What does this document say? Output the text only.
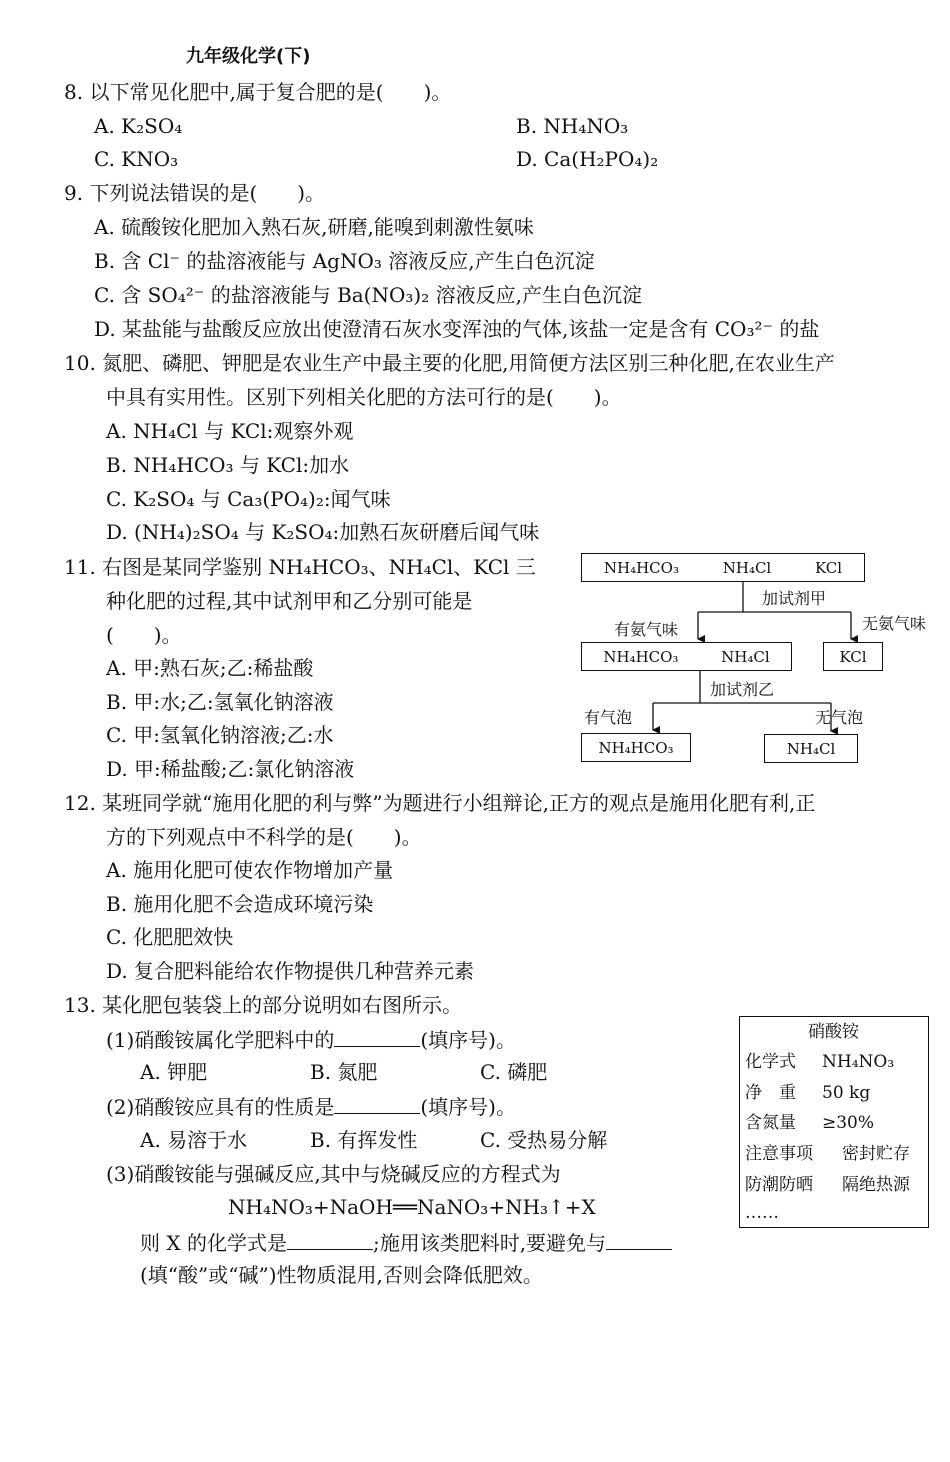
九年级化学(下)
8. 以下常见化肥中,属于复合肥的是(　　)。
A. K₂SO₄	B. NH₄NO₃
C. KNO₃	D. Ca(H₂PO₄)₂
9. 下列说法错误的是(　　)。
A. 硫酸铵化肥加入熟石灰,研磨,能嗅到刺激性氨味
B. 含 Cl⁻ 的盐溶液能与 AgNO₃ 溶液反应,产生白色沉淀
C. 含 SO₄²⁻ 的盐溶液能与 Ba(NO₃)₂ 溶液反应,产生白色沉淀
D. 某盐能与盐酸反应放出使澄清石灰水变浑浊的气体,该盐一定是含有 CO₃²⁻ 的盐
10. 氮肥、磷肥、钾肥是农业生产中最主要的化肥,用简便方法区别三种化肥,在农业生产
中具有实用性。区别下列相关化肥的方法可行的是(　　)。
A. NH₄Cl 与 KCl:观察外观
B. NH₄HCO₃ 与 KCl:加水
C. K₂SO₄ 与 Ca₃(PO₄)₂:闻气味
D. (NH₄)₂SO₄ 与 K₂SO₄:加熟石灰研磨后闻气味
11. 右图是某同学鉴别 NH₄HCO₃、NH₄Cl、KCl 三
种化肥的过程,其中试剂甲和乙分别可能是
(　　)。
A. 甲:熟石灰;乙:稀盐酸
B. 甲:水;乙:氢氧化钠溶液
C. 甲:氢氧化钠溶液;乙:水
D. 甲:稀盐酸;乙:氯化钠溶液
NH₄HCO₃	NH₄Cl	KCl
加试剂甲
有氨气味	无氨气味
NH₄HCO₃	NH₄Cl	KCl
加试剂乙
有气泡	无气泡
NH₄HCO₃	NH₄Cl
12. 某班同学就“施用化肥的利与弊”为题进行小组辩论,正方的观点是施用化肥有利,正
方的下列观点中不科学的是(　　)。
A. 施用化肥可使农作物增加产量
B. 施用化肥不会造成环境污染
C. 化肥肥效快
D. 复合肥料能给农作物提供几种营养元素
13. 某化肥包装袋上的部分说明如右图所示。
(1)硝酸铵属化学肥料中的	(填序号)。
A. 钾肥	B. 氮肥	C. 磷肥
(2)硝酸铵应具有的性质是	(填序号)。
A. 易溶于水	B. 有挥发性	C. 受热易分解
(3)硝酸铵能与强碱反应,其中与烧碱反应的方程式为
NH₄NO₃+NaOH══NaNO₃+NH₃↑+X
则 X 的化学式是	;施用该类肥料时,要避免与
(填“酸”或“碱”)性物质混用,否则会降低肥效。
硝酸铵
化学式 NH₄NO₃
净　重 50 kg
含氮量 ≥30%
注意事项 密封贮存
防潮防晒 隔绝热源
……
